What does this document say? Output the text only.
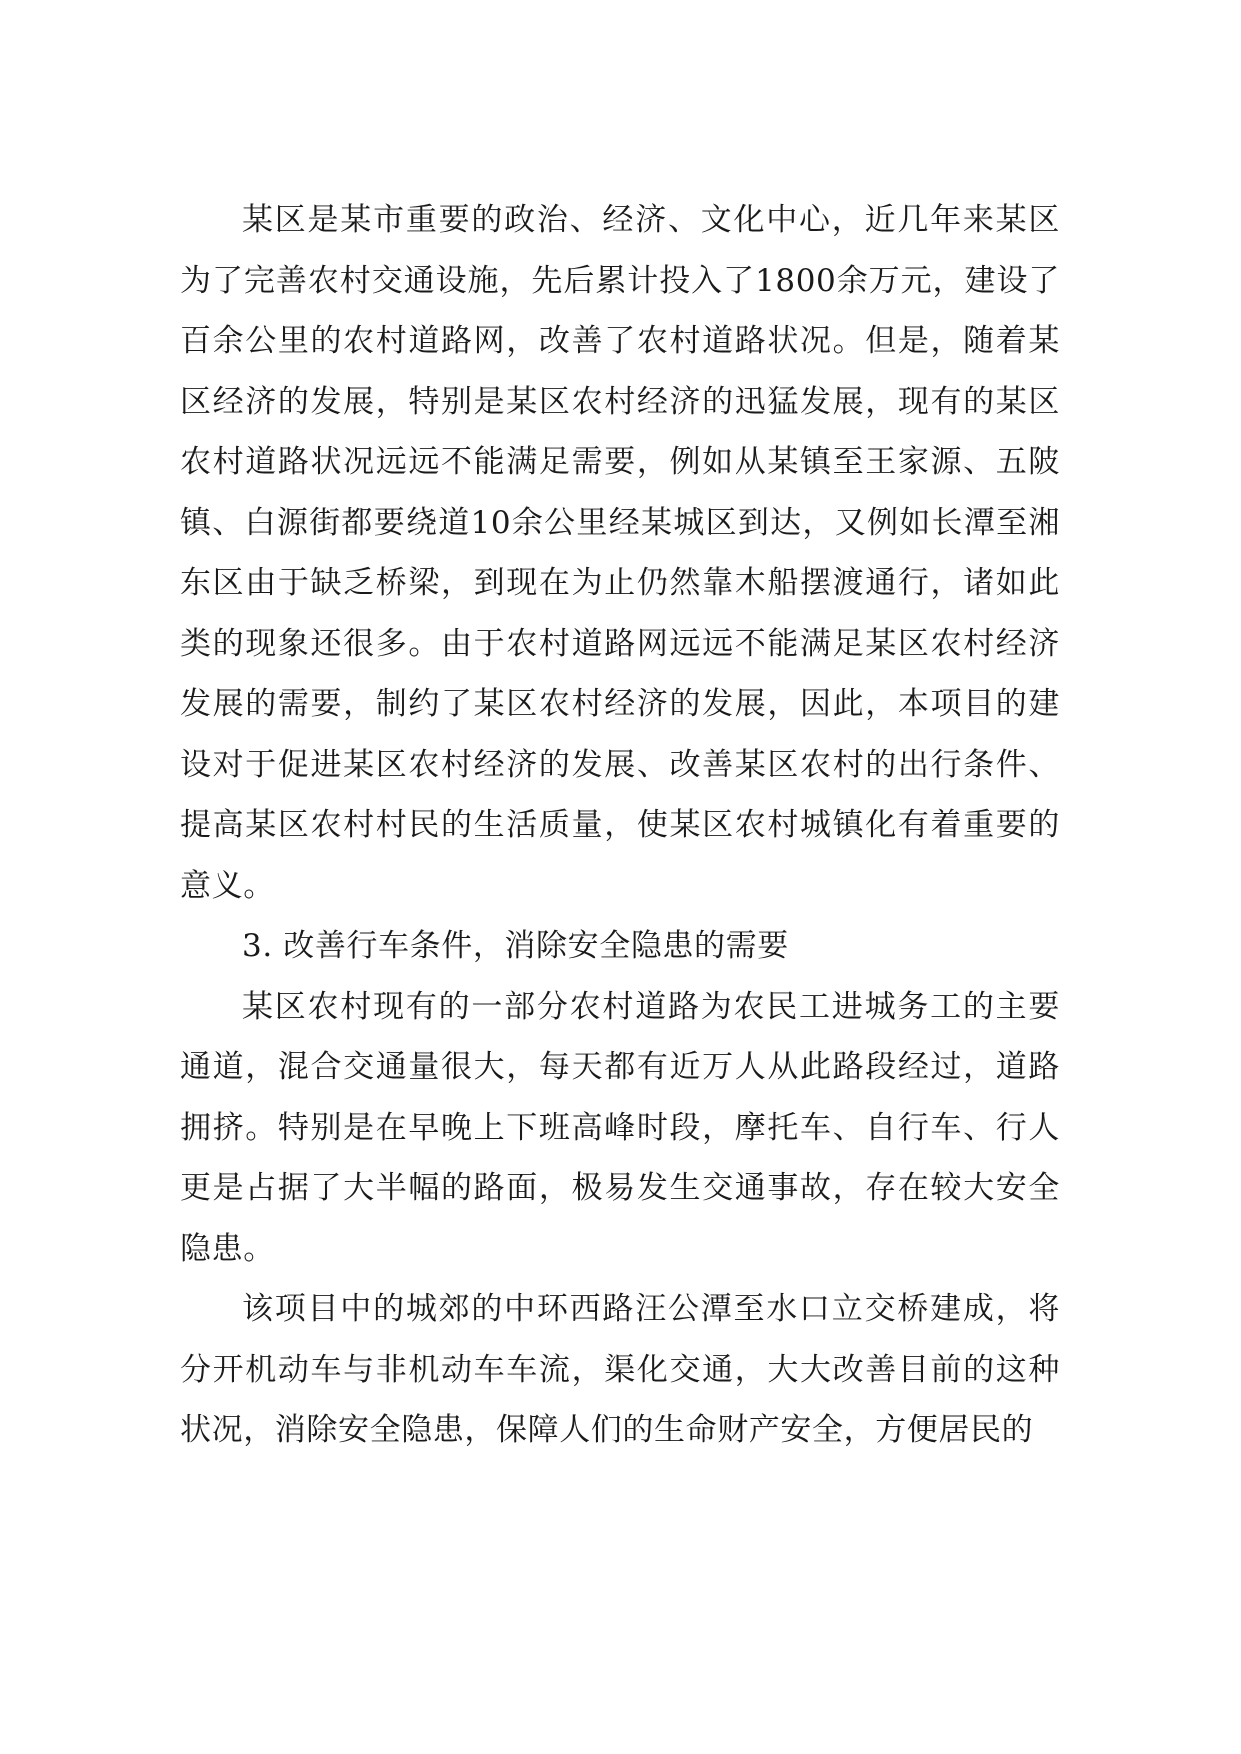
某区是某市重要的政治、经济、文化中心，近几年来某区为了完善农村交通设施，先后累计投入了1800余万元，建设了百余公里的农村道路网，改善了农村道路状况。但是，随着某区经济的发展，特别是某区农村经济的迅猛发展，现有的某区农村道路状况远远不能满足需要，例如从某镇至王家源、五陂镇、白源街都要绕道10余公里经某城区到达，又例如长潭至湘东区由于缺乏桥梁，到现在为止仍然靠木船摆渡通行，诸如此类的现象还很多。由于农村道路网远远不能满足某区农村经济发展的需要，制约了某区农村经济的发展，因此，本项目的建设对于促进某区农村经济的发展、改善某区农村的出行条件、提高某区农村村民的生活质量，使某区农村城镇化有着重要的意义。

3. 改善行车条件，消除安全隐患的需要

某区农村现有的一部分农村道路为农民工进城务工的主要通道，混合交通量很大，每天都有近万人从此路段经过，道路拥挤。特别是在早晚上下班高峰时段，摩托车、自行车、行人更是占据了大半幅的路面，极易发生交通事故，存在较大安全隐患。

该项目中的城郊的中环西路汪公潭至水口立交桥建成，将分开机动车与非机动车车流，渠化交通，大大改善目前的这种状况，消除安全隐患，保障人们的生命财产安全，方便居民的
